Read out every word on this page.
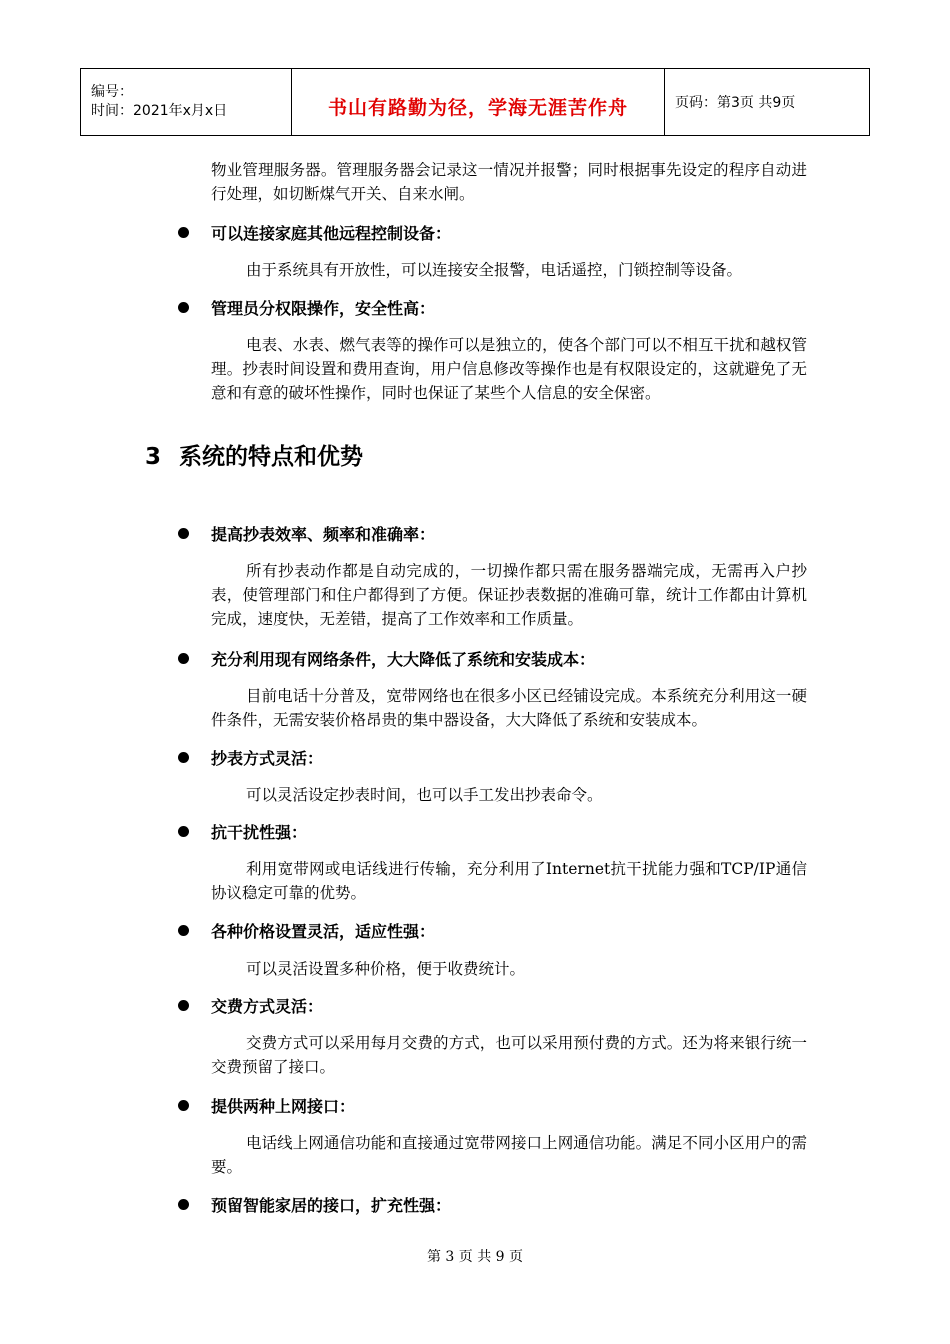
编号：
时间：2021年x月x日	书山有路勤为径，学海无涯苦作舟	页码：第3页 共9页
物业管理服务器。管理服务器会记录这一情况并报警；同时根据事先设定的程序自动进行处理，如切断煤气开关、自来水闸。
可以连接家庭其他远程控制设备：
由于系统具有开放性，可以连接安全报警，电话遥控，门锁控制等设备。
管理员分权限操作，安全性高：
电表、水表、燃气表等的操作可以是独立的，使各个部门可以不相互干扰和越权管理。抄表时间设置和费用查询，用户信息修改等操作也是有权限设定的，这就避免了无意和有意的破坏性操作，同时也保证了某些个人信息的安全保密。
3 系统的特点和优势
提高抄表效率、频率和准确率：
所有抄表动作都是自动完成的，一切操作都只需在服务器端完成，无需再入户抄表，使管理部门和住户都得到了方便。保证抄表数据的准确可靠，统计工作都由计算机完成，速度快，无差错，提高了工作效率和工作质量。
充分利用现有网络条件，大大降低了系统和安装成本：
目前电话十分普及，宽带网络也在很多小区已经铺设完成。本系统充分利用这一硬件条件，无需安装价格昂贵的集中器设备，大大降低了系统和安装成本。
抄表方式灵活：
可以灵活设定抄表时间，也可以手工发出抄表命令。
抗干扰性强：
利用宽带网或电话线进行传输，充分利用了Internet抗干扰能力强和TCP/IP通信协议稳定可靠的优势。
各种价格设置灵活，适应性强：
可以灵活设置多种价格，便于收费统计。
交费方式灵活：
交费方式可以采用每月交费的方式，也可以采用预付费的方式。还为将来银行统一交费预留了接口。
提供两种上网接口：
电话线上网通信功能和直接通过宽带网接口上网通信功能。满足不同小区用户的需要。
预留智能家居的接口，扩充性强：
第 3 页 共 9 页
